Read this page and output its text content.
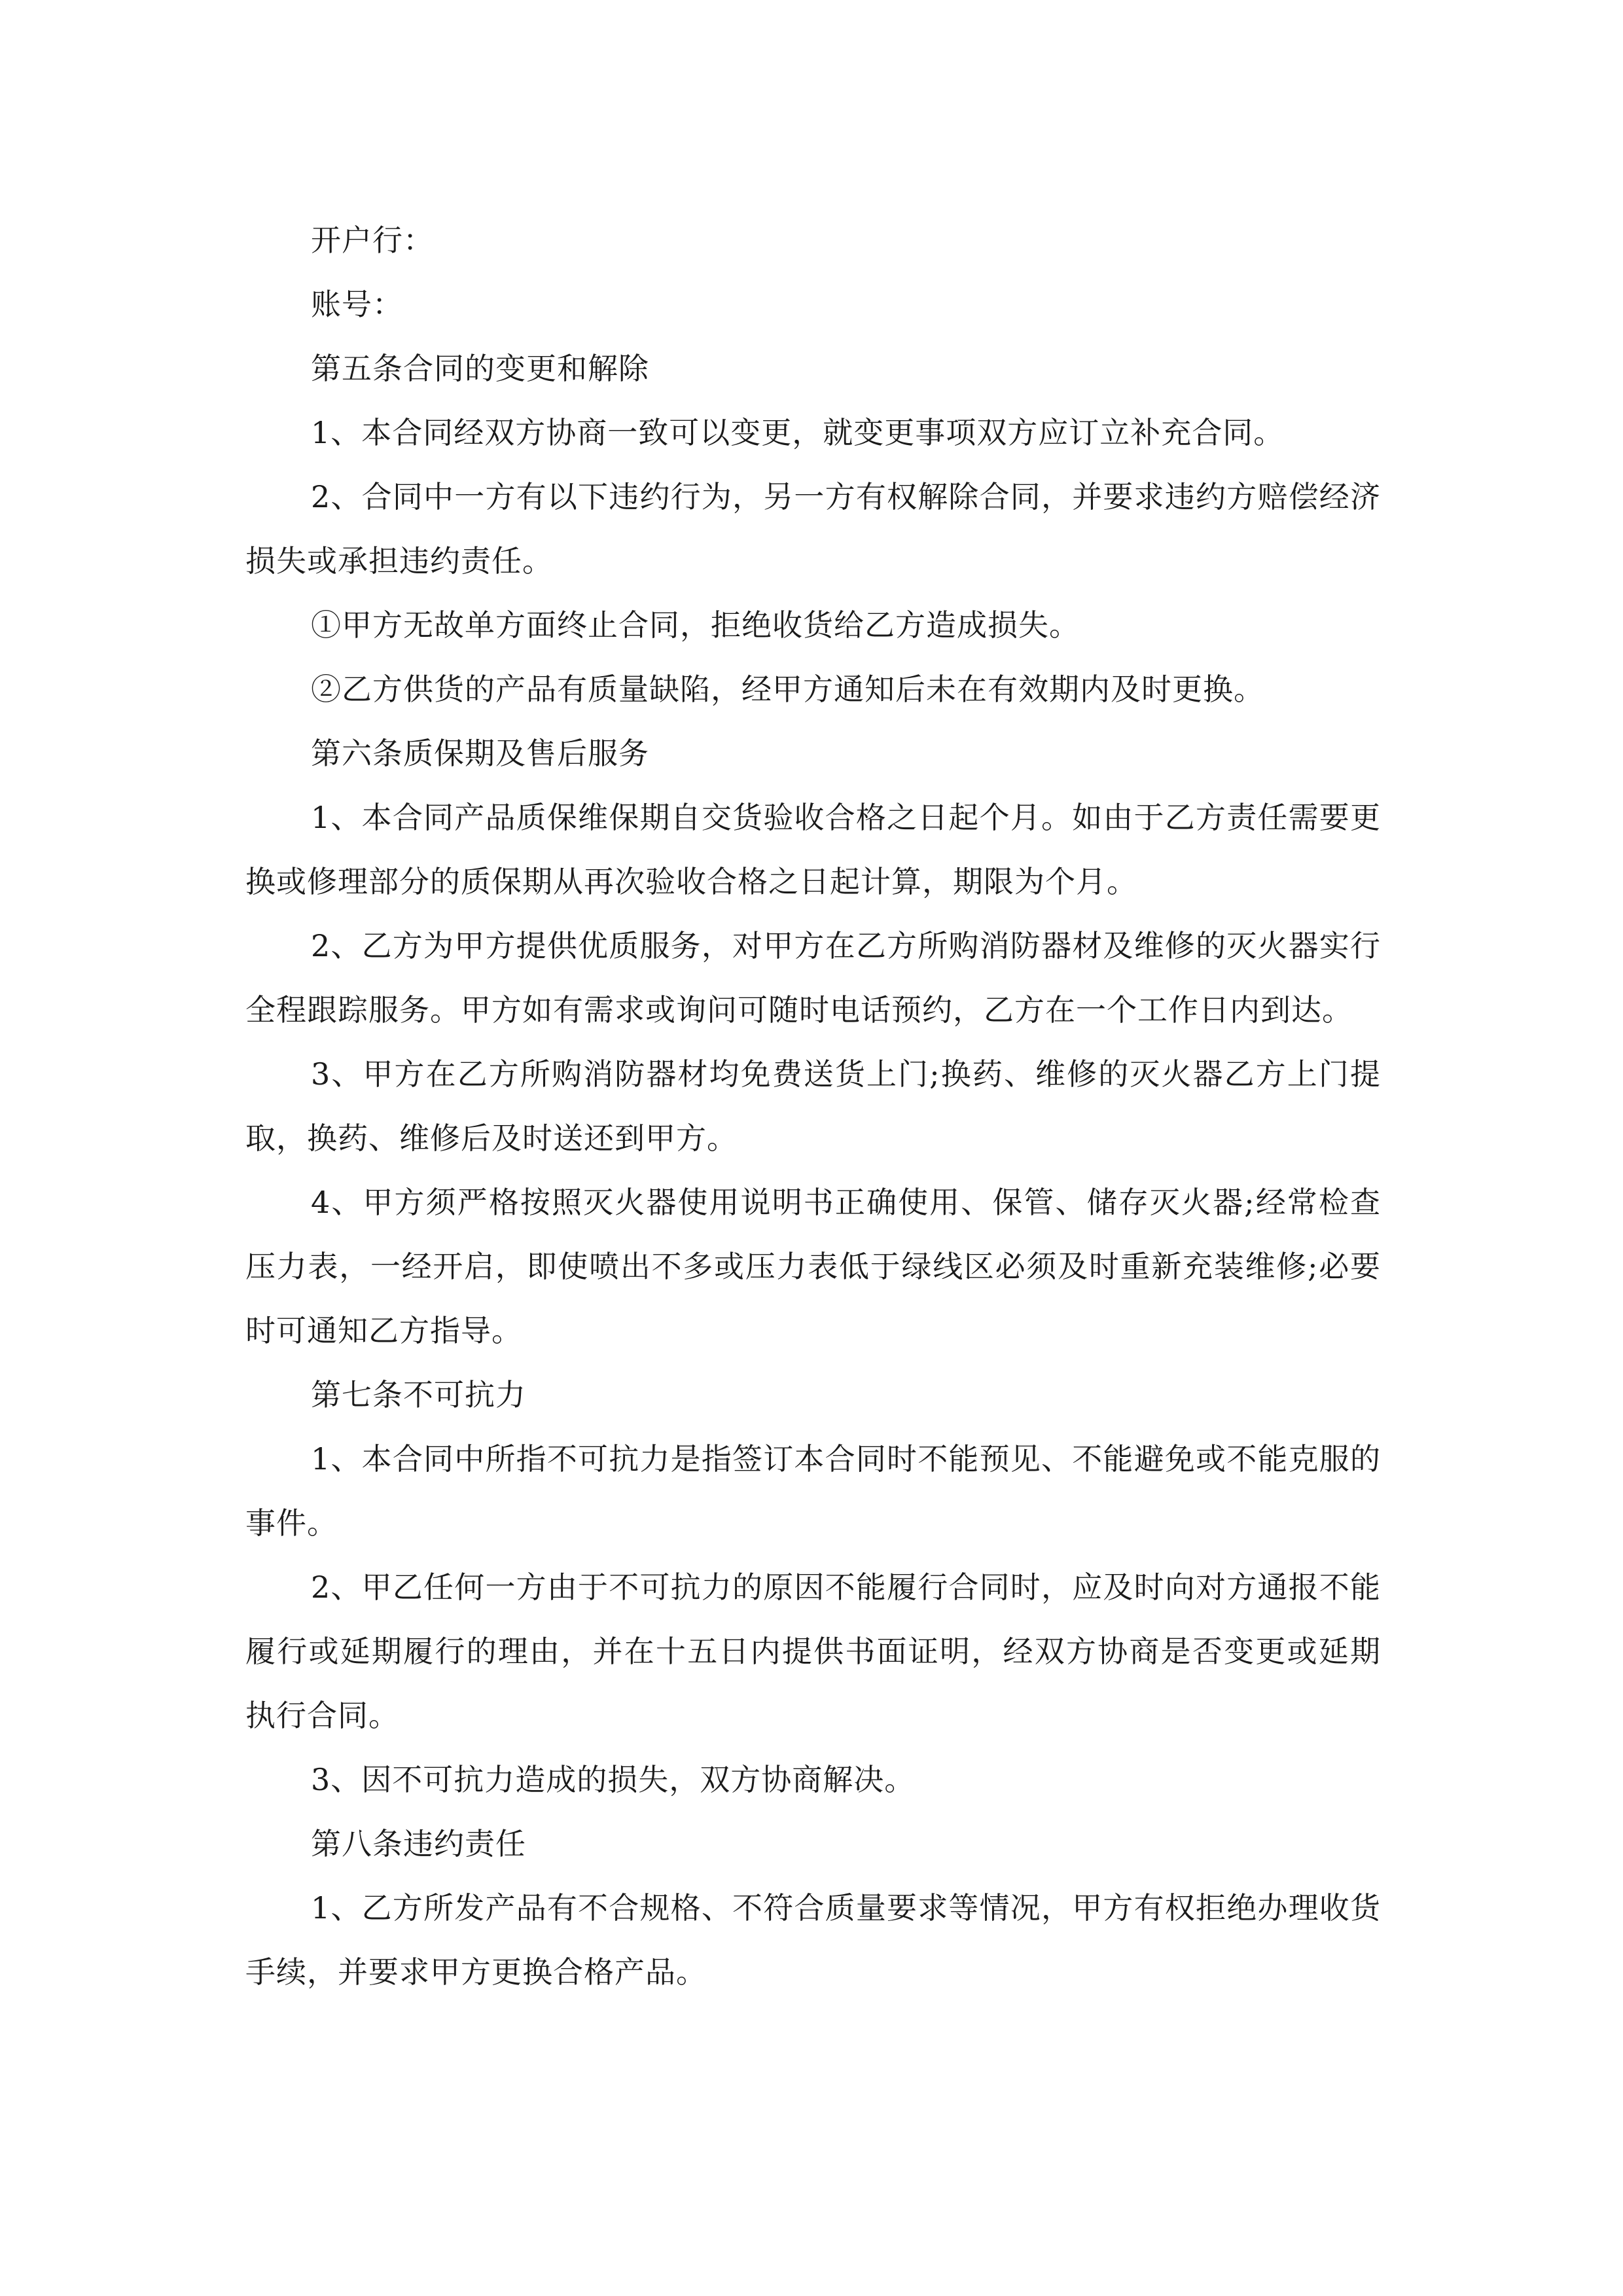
开户行：

账号：

第五条合同的变更和解除

1、本合同经双方协商一致可以变更，就变更事项双方应订立补充合同。

2、合同中一方有以下违约行为，另一方有权解除合同，并要求违约方赔偿经济损失或承担违约责任。

①甲方无故单方面终止合同，拒绝收货给乙方造成损失。

②乙方供货的产品有质量缺陷，经甲方通知后未在有效期内及时更换。

第六条质保期及售后服务

1、本合同产品质保维保期自交货验收合格之日起个月。如由于乙方责任需要更换或修理部分的质保期从再次验收合格之日起计算，期限为个月。

2、乙方为甲方提供优质服务，对甲方在乙方所购消防器材及维修的灭火器实行全程跟踪服务。甲方如有需求或询问可随时电话预约，乙方在一个工作日内到达。

3、甲方在乙方所购消防器材均免费送货上门;换药、维修的灭火器乙方上门提取，换药、维修后及时送还到甲方。

4、甲方须严格按照灭火器使用说明书正确使用、保管、储存灭火器;经常检查压力表，一经开启，即使喷出不多或压力表低于绿线区必须及时重新充装维修;必要时可通知乙方指导。

第七条不可抗力

1、本合同中所指不可抗力是指签订本合同时不能预见、不能避免或不能克服的事件。

2、甲乙任何一方由于不可抗力的原因不能履行合同时，应及时向对方通报不能履行或延期履行的理由，并在十五日内提供书面证明，经双方协商是否变更或延期执行合同。

3、因不可抗力造成的损失，双方协商解决。

第八条违约责任

1、乙方所发产品有不合规格、不符合质量要求等情况，甲方有权拒绝办理收货手续，并要求甲方更换合格产品。
